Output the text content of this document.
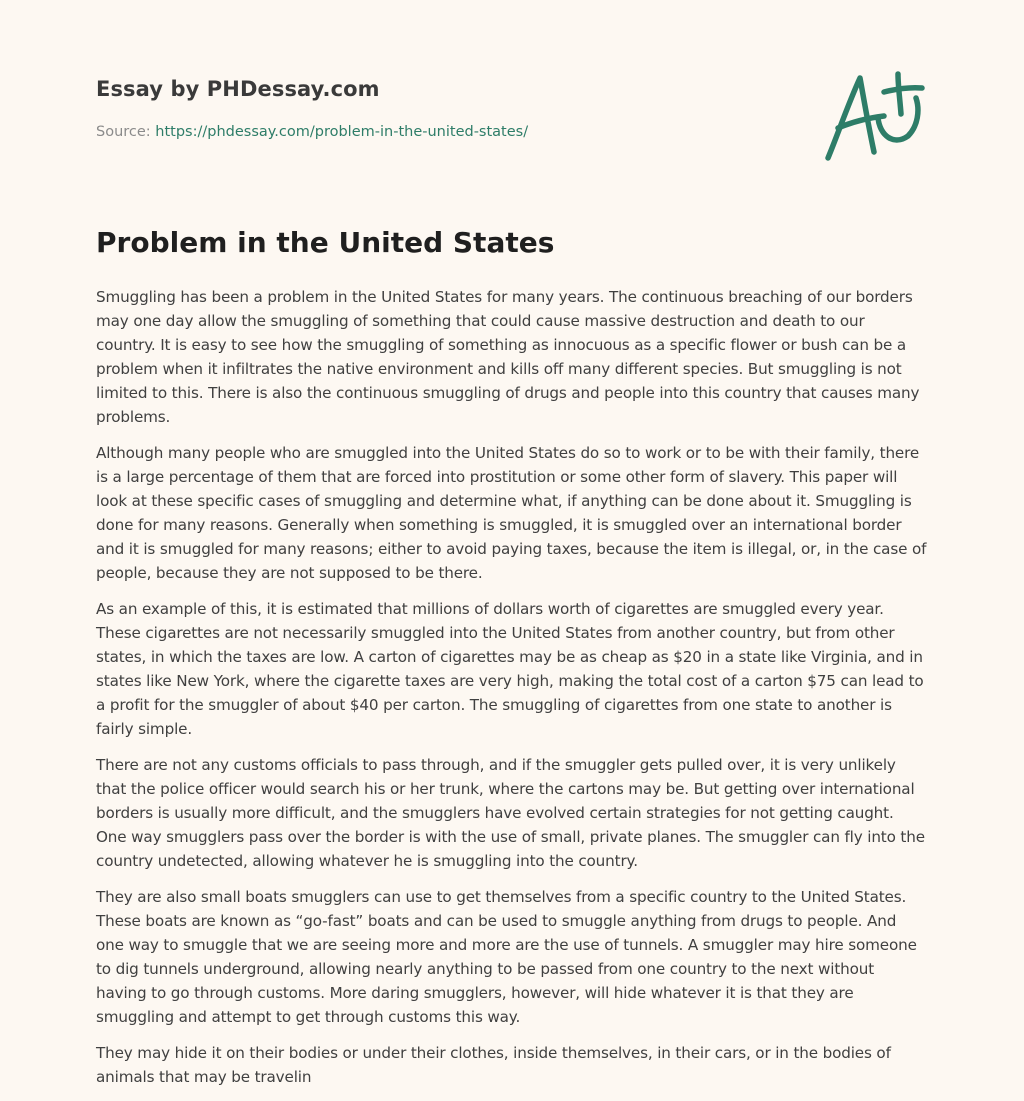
Essay by PHDessay.com
Source: https://phdessay.com/problem-in-the-united-states/
Problem in the United States

Smuggling has been a problem in the United States for many years. The continuous breaching of our borders may one day allow the smuggling of something that could cause massive destruction and death to our country. It is easy to see how the smuggling of something as innocuous as a specific flower or bush can be a problem when it infiltrates the native environment and kills off many different species. But smuggling is not limited to this. There is also the continuous smuggling of drugs and people into this country that causes many problems.

Although many people who are smuggled into the United States do so to work or to be with their family, there is a large percentage of them that are forced into prostitution or some other form of slavery. This paper will look at these specific cases of smuggling and determine what, if anything can be done about it. Smuggling is done for many reasons. Generally when something is smuggled, it is smuggled over an international border and it is smuggled for many reasons; either to avoid paying taxes, because the item is illegal, or, in the case of people, because they are not supposed to be there.

As an example of this, it is estimated that millions of dollars worth of cigarettes are smuggled every year. These cigarettes are not necessarily smuggled into the United States from another country, but from other states, in which the taxes are low. A carton of cigarettes may be as cheap as $20 in a state like Virginia, and in states like New York, where the cigarette taxes are very high, making the total cost of a carton $75 can lead to a profit for the smuggler of about $40 per carton. The smuggling of cigarettes from one state to another is fairly simple.

There are not any customs officials to pass through, and if the smuggler gets pulled over, it is very unlikely that the police officer would search his or her trunk, where the cartons may be. But getting over international borders is usually more difficult, and the smugglers have evolved certain strategies for not getting caught. One way smugglers pass over the border is with the use of small, private planes. The smuggler can fly into the country undetected, allowing whatever he is smuggling into the country.

They are also small boats smugglers can use to get themselves from a specific country to the United States. These boats are known as “go-fast” boats and can be used to smuggle anything from drugs to people. And one way to smuggle that we are seeing more and more are the use of tunnels. A smuggler may hire someone to dig tunnels underground, allowing nearly anything to be passed from one country to the next without having to go through customs. More daring smugglers, however, will hide whatever it is that they are smuggling and attempt to get through customs this way.

They may hide it on their bodies or under their clothes, inside themselves, in their cars, or in the bodies of animals that may be travelin
